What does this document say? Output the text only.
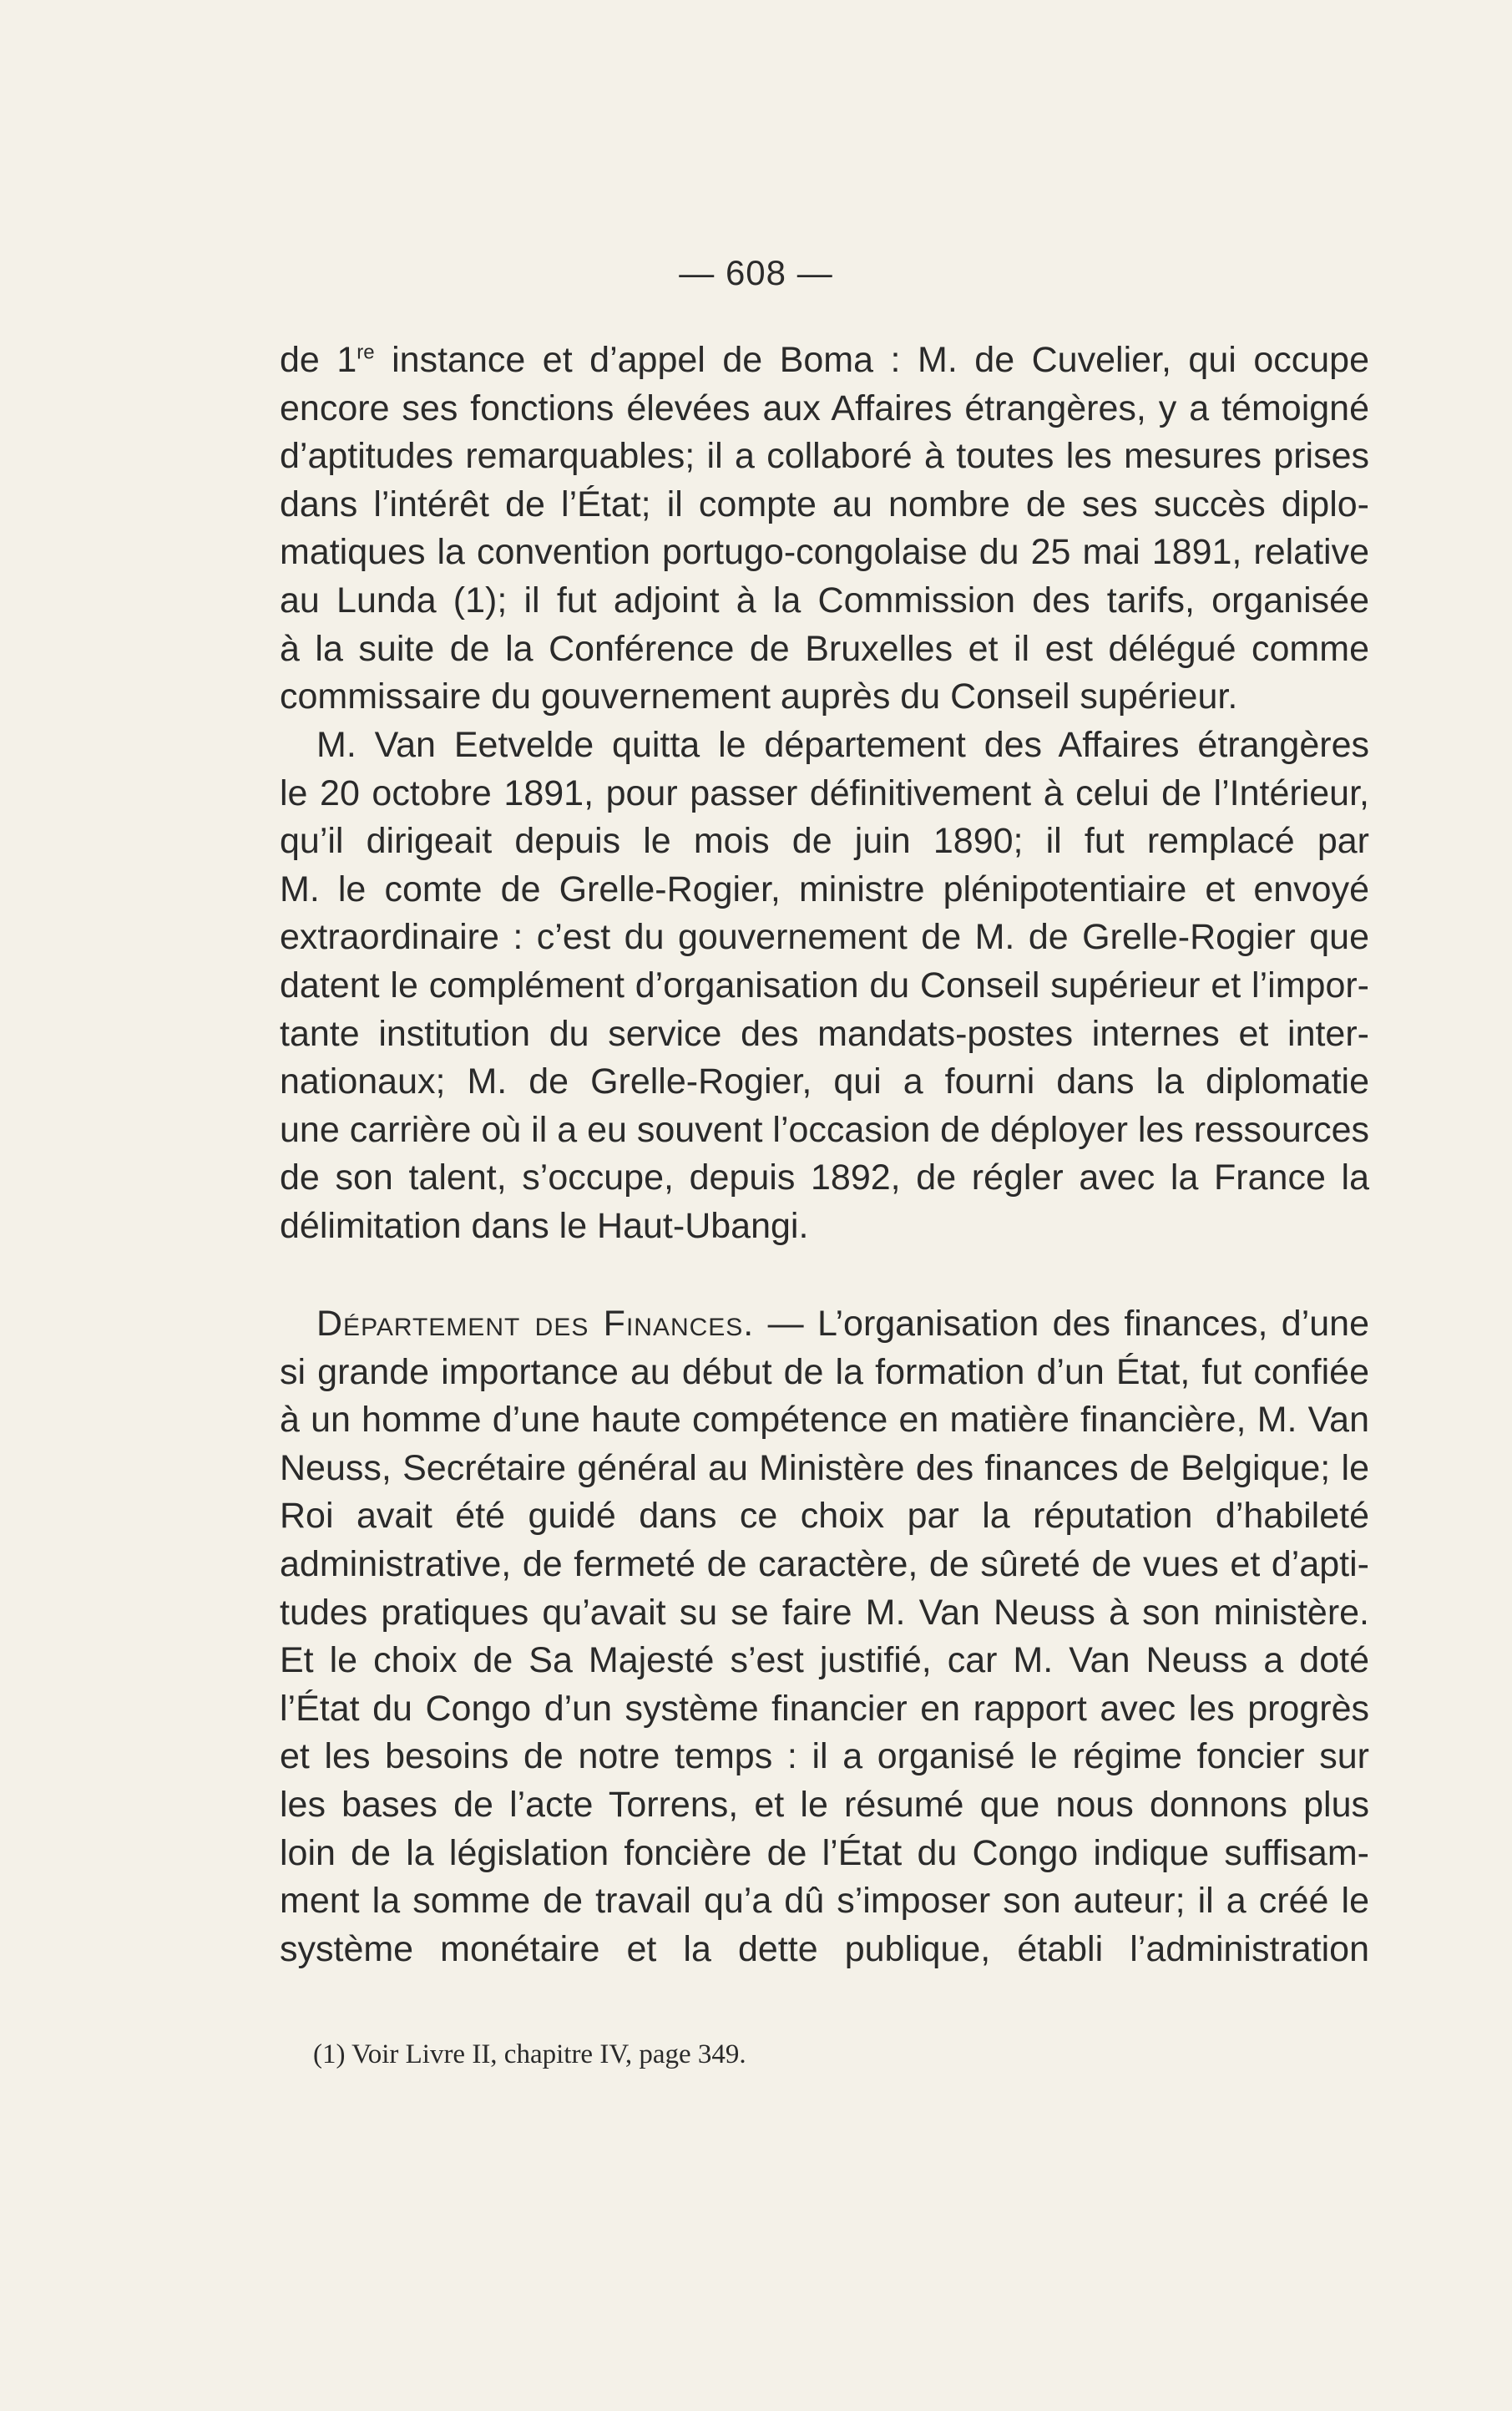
— 608 —
de 1re instance et d’appel de Boma : M. de Cuvelier, qui occupe
encore ses fonctions élevées aux Affaires étrangères, y a témoigné
d’aptitudes remarquables; il a collaboré à toutes les mesures prises
dans l’intérêt de l’État; il compte au nombre de ses succès diplo-
matiques la convention portugo-congolaise du 25 mai 1891, relative
au Lunda (1); il fut adjoint à la Commission des tarifs, organisée
à la suite de la Conférence de Bruxelles et il est délégué comme
commissaire du gouvernement auprès du Conseil supérieur.
M. Van Eetvelde quitta le département des Affaires étrangères
le 20 octobre 1891, pour passer définitivement à celui de l’Intérieur,
qu’il dirigeait depuis le mois de juin 1890; il fut remplacé par
M. le comte de Grelle-Rogier, ministre plénipotentiaire et envoyé
extraordinaire : c’est du gouvernement de M. de Grelle-Rogier que
datent le complément d’organisation du Conseil supérieur et l’impor-
tante institution du service des mandats-postes internes et inter-
nationaux; M. de Grelle-Rogier, qui a fourni dans la diplomatie
une carrière où il a eu souvent l’occasion de déployer les ressources
de son talent, s’occupe, depuis 1892, de régler avec la France la
délimitation dans le Haut-Ubangi.
Département des Finances. — L’organisation des finances, d’une
si grande importance au début de la formation d’un État, fut confiée
à un homme d’une haute compétence en matière financière, M. Van
Neuss, Secrétaire général au Ministère des finances de Belgique; le
Roi avait été guidé dans ce choix par la réputation d’habileté
administrative, de fermeté de caractère, de sûreté de vues et d’apti-
tudes pratiques qu’avait su se faire M. Van Neuss à son ministère.
Et le choix de Sa Majesté s’est justifié, car M. Van Neuss a doté
l’État du Congo d’un système financier en rapport avec les progrès
et les besoins de notre temps : il a organisé le régime foncier sur
les bases de l’acte Torrens, et le résumé que nous donnons plus
loin de la législation foncière de l’État du Congo indique suffisam-
ment la somme de travail qu’a dû s’imposer son auteur; il a créé le
système monétaire et la dette publique, établi l’administration
(1) Voir Livre II, chapitre IV, page 349.
